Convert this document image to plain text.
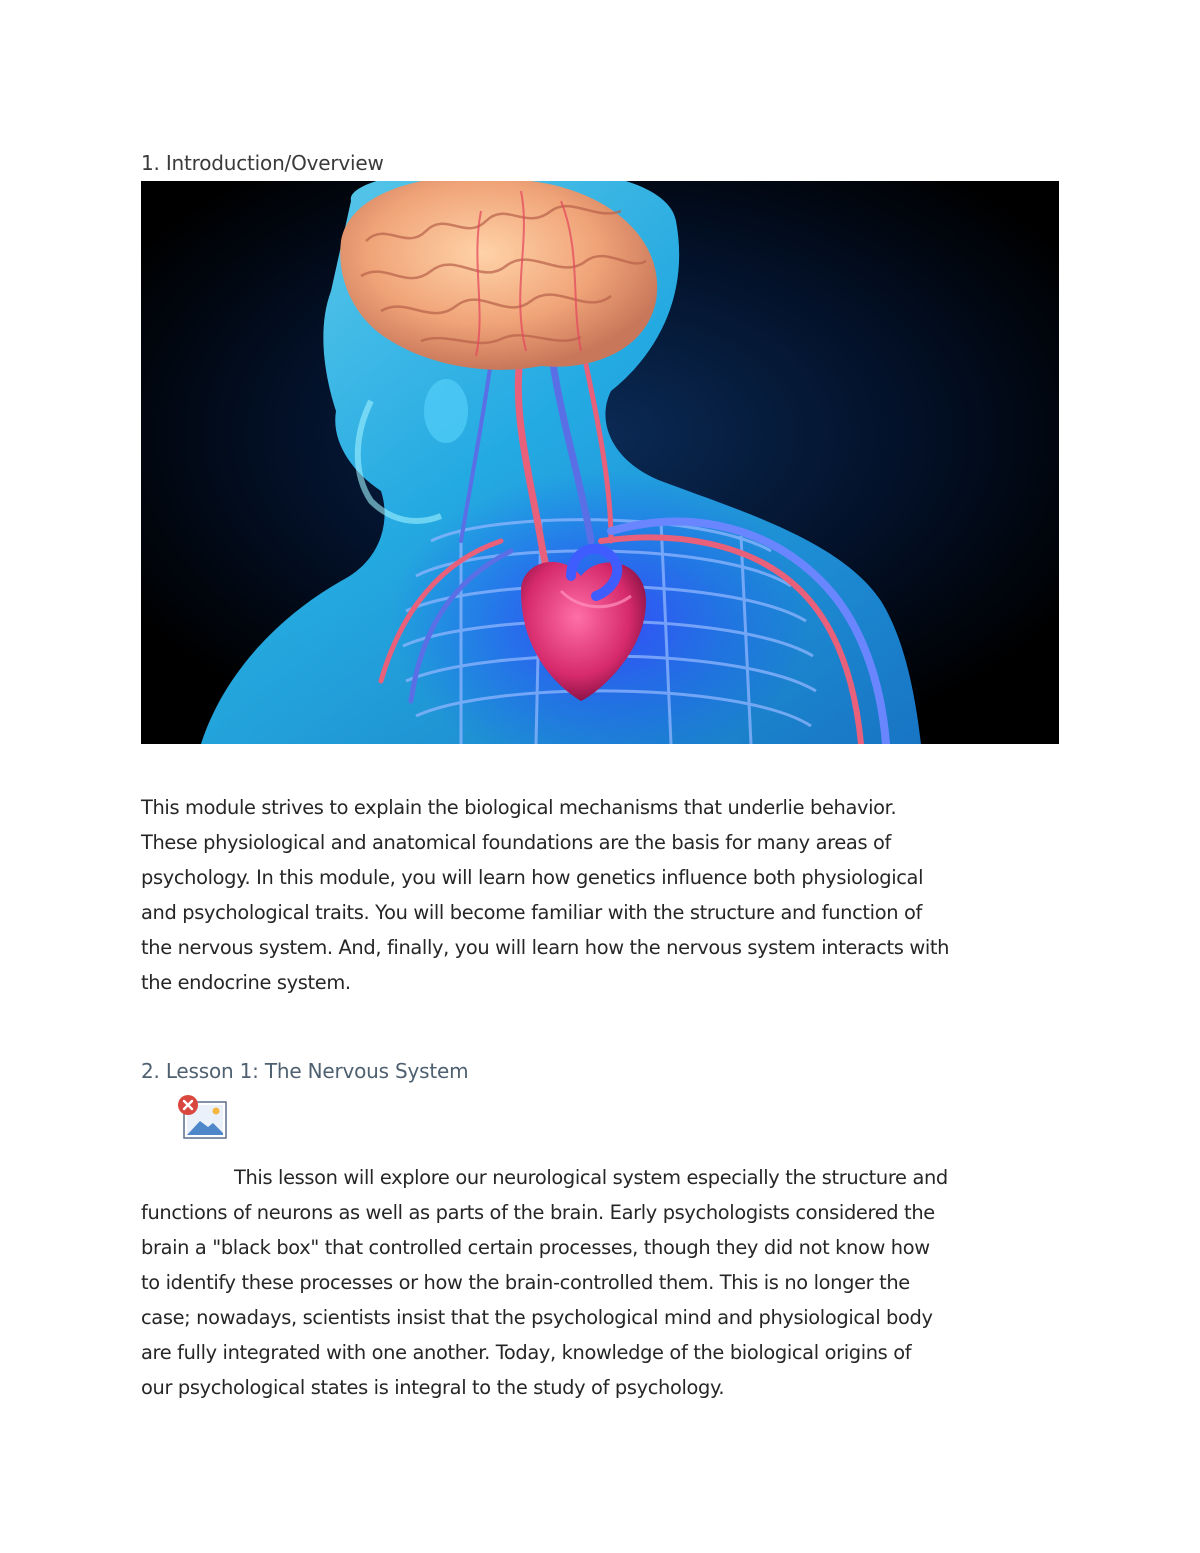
1. Introduction/Overview

This module strives to explain the biological mechanisms that underlie behavior.
These physiological and anatomical foundations are the basis for many areas of
psychology. In this module, you will learn how genetics influence both physiological
and psychological traits. You will become familiar with the structure and function of
the nervous system. And, finally, you will learn how the nervous system interacts with
the endocrine system.

2. Lesson 1: The Nervous System

This lesson will explore our neurological system especially the structure and
functions of neurons as well as parts of the brain. Early psychologists considered the
brain a "black box" that controlled certain processes, though they did not know how
to identify these processes or how the brain-controlled them. This is no longer the
case; nowadays, scientists insist that the psychological mind and physiological body
are fully integrated with one another. Today, knowledge of the biological origins of
our psychological states is integral to the study of psychology.
